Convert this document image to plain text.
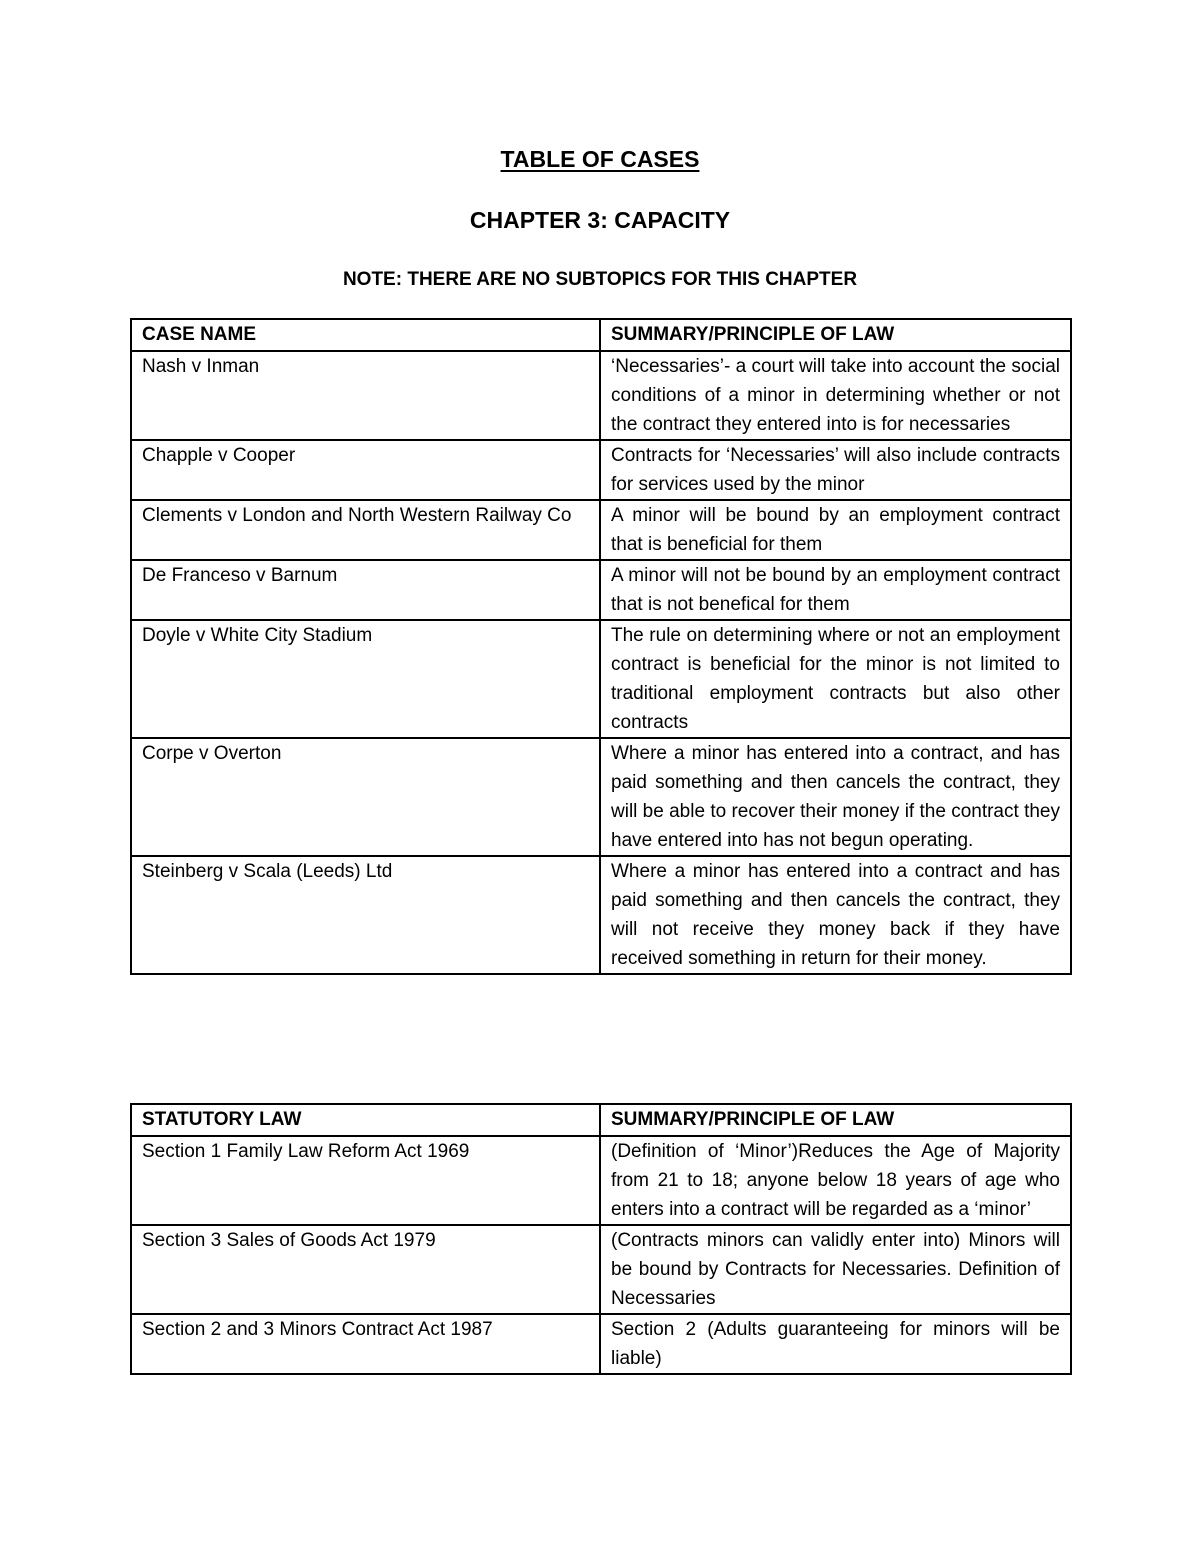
TABLE OF CASES
CHAPTER 3: CAPACITY
NOTE: THERE ARE NO SUBTOPICS FOR THIS CHAPTER
CASE NAME	SUMMARY/PRINCIPLE OF LAW
Nash v Inman	‘Necessaries’- a court will take into account the social conditions of a minor in determining whether or not the contract they entered into is for necessaries
Chapple v Cooper	Contracts for ‘Necessaries’ will also include contracts for services used by the minor
Clements v London and North Western Railway Co	A minor will be bound by an employment contract that is beneficial for them
De Franceso v Barnum	A minor will not be bound by an employment contract that is not benefical for them
Doyle v White City Stadium	The rule on determining where or not an employment contract is beneficial for the minor is not limited to traditional employment contracts but also other contracts
Corpe v Overton	Where a minor has entered into a contract, and has paid something and then cancels the contract, they will be able to recover their money if the contract they have entered into has not begun operating.
Steinberg v Scala (Leeds) Ltd	Where a minor has entered into a contract and has paid something and then cancels the contract, they will not receive they money back if they have received something in return for their money.
STATUTORY LAW	SUMMARY/PRINCIPLE OF LAW
Section 1 Family Law Reform Act 1969	(Definition of ‘Minor’)Reduces the Age of Majority from 21 to 18; anyone below 18 years of age who enters into a contract will be regarded as a ‘minor’
Section 3 Sales of Goods Act 1979	(Contracts minors can validly enter into) Minors will be bound by Contracts for Necessaries. Definition of Necessaries
Section 2 and 3 Minors Contract Act 1987	Section 2 (Adults guaranteeing for minors will be liable)
